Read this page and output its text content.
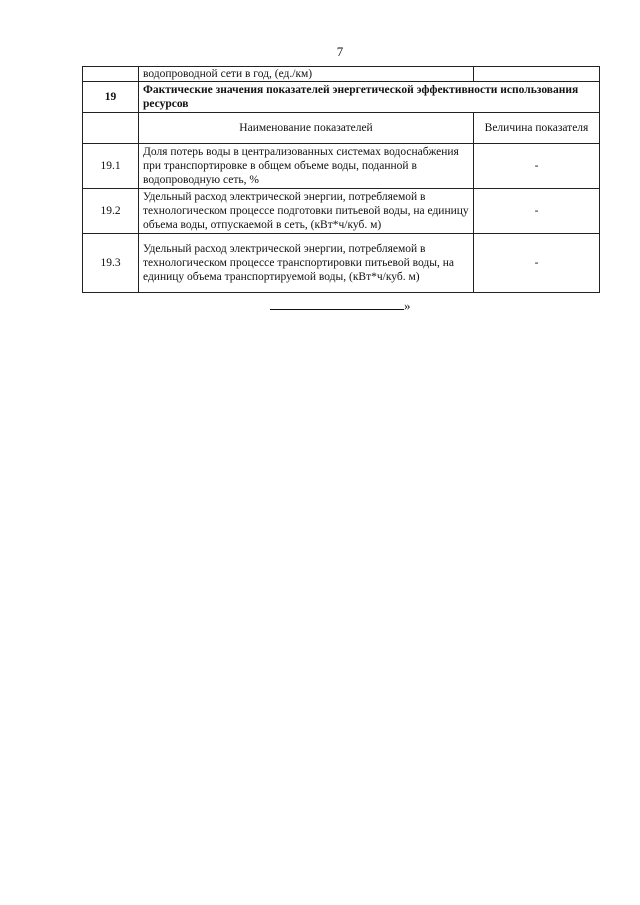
7
	водопроводной сети в год, (ед./км)	
19	Фактические значения показателей энергетической эффективности использования ресурсов	

	Наименование показателей	Величина показателя

19.1	Доля потерь воды в централизованных системах водоснабжения при транспортировке в общем объеме воды, поданной в водопроводную сеть, %	-
19.2	Удельный расход электрической энергии, потребляемой в технологическом процессе подготовки питьевой воды, на единицу объема воды, отпускаемой в сеть, (кВт*ч/куб. м)	-
19.3	Удельный расход электрической энергии, потребляемой в технологическом процессе транспортировки питьевой воды, на единицу объема транспортируемой воды, (кВт*ч/куб. м)	-
»
